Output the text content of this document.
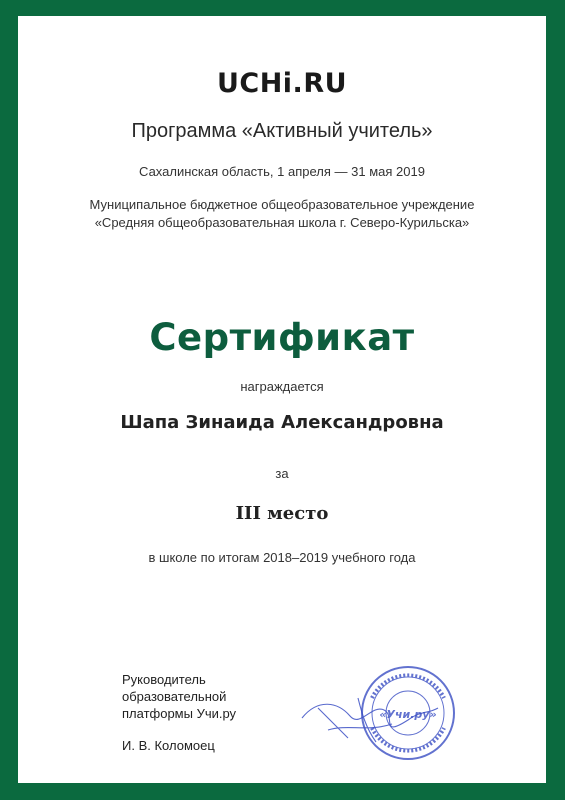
UCHi.RU
Программа «Активный учитель»
Сахалинская область, 1 апреля — 31 мая 2019
Муниципальное бюджетное общеобразовательное учреждение
«Средняя общеобразовательная школа г. Северо-Курильска»
Сертификат
награждается
Шапа Зинаида Александровна
за
III место
в школе по итогам 2018–2019 учебного года
Руководитель
образовательной
платформы Учи.ру
И. В. Коломоец
«Учи.ру»
